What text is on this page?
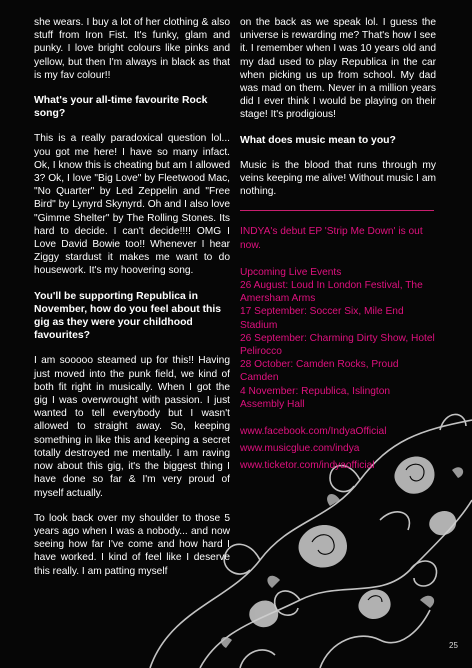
she wears. I buy a lot of her clothing & also stuff from Iron Fist. It's funky, glam and punky. I love bright colours like pinks and yellow, but then I'm always in black as that is my fav colour!!

What's your all-time favourite Rock song?

This is a really paradoxical question lol... you got me here! I have so many infact. Ok, I know this is cheating but am I allowed 3? Ok, I love "Big Love" by Fleetwood Mac, "No Quarter" by Led Zeppelin and "Free Bird" by Lynyrd Skynyrd. Oh and I also love "Gimme Shelter" by The Rolling Stones. Its hard to decide. I can't decide!!!! OMG I Love David Bowie too!! Whenever I hear Ziggy stardust it makes me want to do housework. It's my hoovering song.

You'll be supporting Republica in November, how do you feel about this gig as they were your childhood favourites?

I am sooooo steamed up for this!! Having just moved into the punk field, we kind of both fit right in musically. When I got the gig I was overwrought with passion. I just wanted to tell everybody but I wasn't allowed to straight away. So, keeping something in like this and keeping a secret totally destroyed me mentally. I am raving now about this gig, it's the biggest thing I have done so far & I'm very proud of myself actually.

To look back over my shoulder to those 5 years ago when I was a nobody... and now seeing how far I've come and how hard I have worked. I kind of feel like I deserve this really. I am patting myself

on the back as we speak lol. I guess the universe is rewarding me? That's how I see it. I remember when I was 10 years old and my dad used to play Republica in the car when picking us up from school. My dad was mad on them. Never in a million years did I ever think I would be playing on their stage! It's prodigious!

What does music mean to you?

Music is the blood that runs through my veins keeping me alive! Without music I am nothing.

INDYA's debut EP 'Strip Me Down' is out now.

Upcoming Live Events
26 August: Loud In London Festival, The Amersham Arms
17 September: Soccer Six, Mile End Stadium
26 September: Charming Dirty Show, Hotel Pelirocco
28 October: Camden Rocks, Proud Camden
4 November: Republica, Islington Assembly Hall
www.facebook.com/IndyaOfficial
www.musicglue.com/indya
www.ticketor.com/indyaofficial
25
